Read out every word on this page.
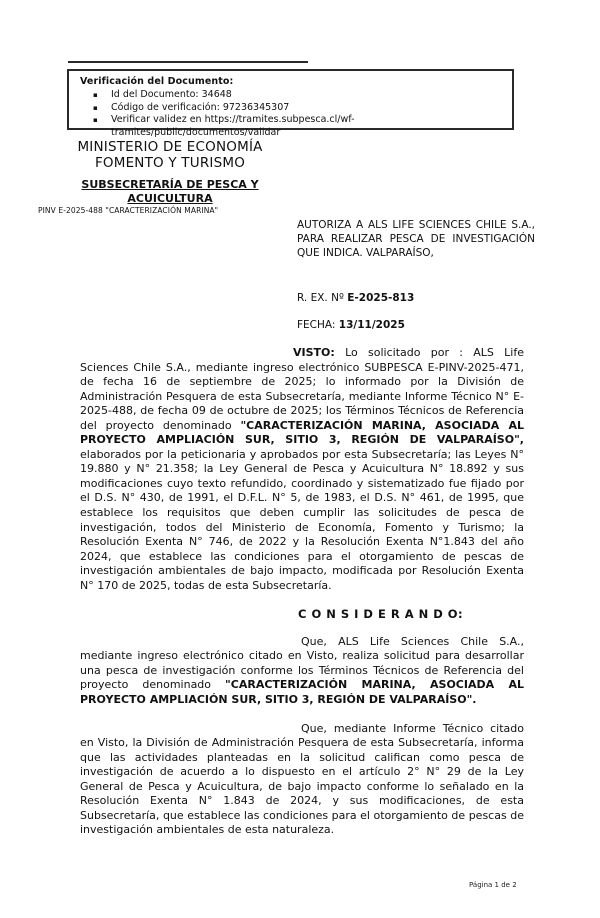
Verificación del Documento:
▪	Id del Documento: 34648
▪	Código de verificación: 97236345307
▪	Verificar validez en https://tramites.subpesca.cl/wf-tramites/public/documentos/validar
MINISTERIO DE ECONOMÍA
FOMENTO Y TURISMO
SUBSECRETARÍA DE PESCA Y ACUICULTURA
PINV E-2025-488 "CARACTERIZACIÓN MARINA"
AUTORIZA A ALS LIFE SCIENCES CHILE S.A., PARA REALIZAR PESCA DE INVESTIGACIÓN QUE INDICA. VALPARAÍSO,
R. EX. Nº E-2025-813
FECHA: 13/11/2025

VISTO: Lo solicitado por : ALS Life Sciences Chile S.A., mediante ingreso electrónico SUBPESCA E-PINV-2025-471, de fecha 16 de septiembre de 2025; lo informado por la División de Administración Pesquera de esta Subsecretaría, mediante Informe Técnico N° E-2025-488, de fecha 09 de octubre de 2025; los Términos Técnicos de Referencia del proyecto denominado "CARACTERIZACIÓN MARINA, ASOCIADA AL PROYECTO AMPLIACIÓN SUR, SITIO 3, REGIÓN DE VALPARAÍSO", elaborados por la peticionaria y aprobados por esta Subsecretaría; las Leyes N° 19.880 y N° 21.358; la Ley General de Pesca y Acuicultura N° 18.892 y sus modificaciones cuyo texto refundido, coordinado y sistematizado fue fijado por el D.S. N° 430, de 1991, el D.F.L. N° 5, de 1983, el D.S. N° 461, de 1995, que establece los requisitos que deben cumplir las solicitudes de pesca de investigación, todos del Ministerio de Economía, Fomento y Turismo; la Resolución Exenta N° 746, de 2022 y la Resolución Exenta N°1.843 del año 2024, que establece las condiciones para el otorgamiento de pescas de investigación ambientales de bajo impacto, modificada por Resolución Exenta N° 170 de 2025, todas de esta Subsecretaría.

C O N S I D E R A N D O:

Que, ALS Life Sciences Chile S.A., mediante ingreso electrónico citado en Visto, realiza solicitud para desarrollar una pesca de investigación conforme los Términos Técnicos de Referencia del proyecto denominado "CARACTERIZACIÓN MARINA, ASOCIADA AL PROYECTO AMPLIACIÓN SUR, SITIO 3, REGIÓN DE VALPARAÍSO".

Que, mediante Informe Técnico citado en Visto, la División de Administración Pesquera de esta Subsecretaría, informa que las actividades planteadas en la solicitud califican como pesca de investigación de acuerdo a lo dispuesto en el artículo 2° N° 29 de la Ley General de Pesca y Acuicultura, de bajo impacto conforme lo señalado en la Resolución Exenta N° 1.843 de 2024, y sus modificaciones, de esta Subsecretaría, que establece las condiciones para el otorgamiento de pescas de investigación ambientales de esta naturaleza.

Página 1 de 2
